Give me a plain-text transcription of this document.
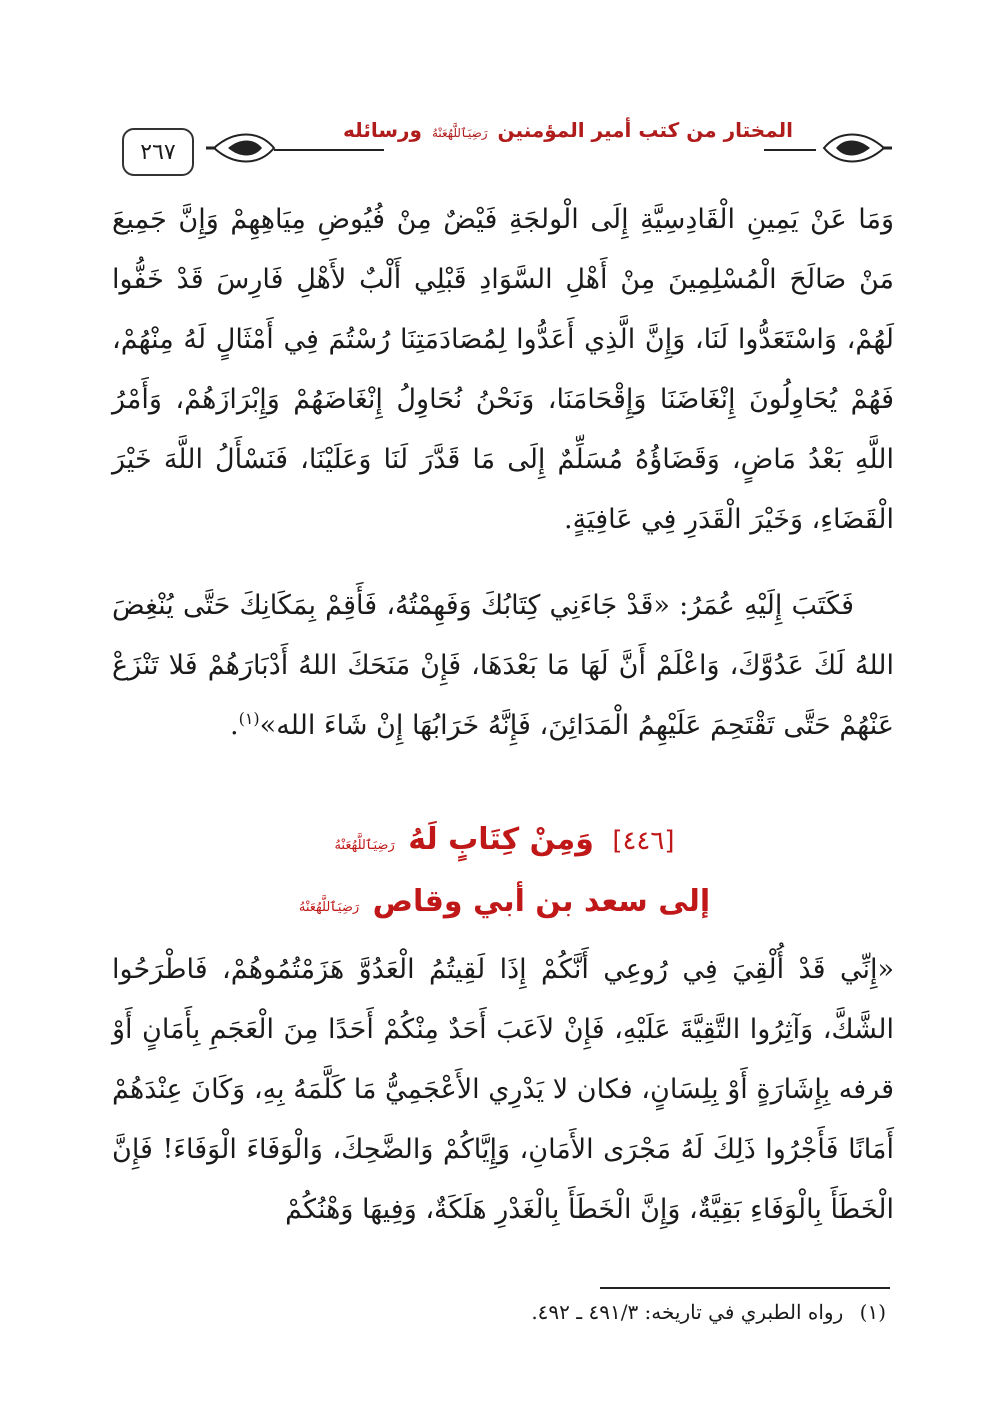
٢٦٧
المختار من كتب أمير المؤمنين رَضِيَٱللَّهُعَنْهُ ورسائله

وَمَا عَنْ يَمِينِ الْقَادِسِيَّةِ إِلَى الْولجَةِ فَيْضٌ مِنْ فُيُوضِ مِيَاهِهِمْ وَإِنَّ جَمِيعَ مَنْ صَالَحَ الْمُسْلِمِينَ مِنْ أَهْلِ السَّوَادِ قَبْلِي أَلْبٌ لأَهْلِ فَارِسَ قَدْ خَفُّوا لَهُمْ، وَاسْتَعَدُّوا لَنَا، وَإِنَّ الَّذِي أَعَدُّوا لِمُصَادَمَتِنَا رُسْتُمَ فِي أَمْثَالٍ لَهُ مِنْهُمْ، فَهُمْ يُحَاوِلُونَ إِنْغَاضَنَا وَإِقْحَامَنَا، وَنَحْنُ نُحَاوِلُ إِنْغَاضَهُمْ وَإِبْرَازَهُمْ، وَأَمْرُ اللَّهِ بَعْدُ مَاضٍ، وَقَضَاؤُهُ مُسَلِّمٌ إِلَى مَا قَدَّرَ لَنَا وَعَلَيْنَا، فَنَسْأَلُ اللَّهَ خَيْرَ الْقَضَاءِ، وَخَيْرَ الْقَدَرِ فِي عَافِيَةٍ.

فَكَتَبَ إِلَيْهِ عُمَرُ: «قَدْ جَاءَنِي كِتَابُكَ وَفَهِمْتُهُ، فَأَقِمْ بِمَكَانِكَ حَتَّى يُنْغِضَ اللهُ لَكَ عَدُوَّكَ، وَاعْلَمْ أَنَّ لَهَا مَا بَعْدَهَا، فَإِنْ مَنَحَكَ اللهُ أَدْبَارَهُمْ فَلا تَنْزَعْ عَنْهُمْ حَتَّى تَقْتَحِمَ عَلَيْهِمُ الْمَدَائِنَ، فَإِنَّهُ خَرَابُهَا إِنْ شَاءَ الله»$^{(١)}$.

[٤٤٦] وَمِنْ كِتَابٍ لَهُ رَضِيَٱللَّهُعَنْهُ
إلى سعد بن أبي وقاص رَضِيَٱللَّهُعَنْهُ

«إِنِّي قَدْ أُلْقِيَ فِي رُوعِي أَنَّكُمْ إِذَا لَقِيتُمُ الْعَدُوَّ هَزَمْتُمُوهُمْ، فَاطْرَحُوا الشَّكَّ، وَآثِرُوا التَّقِيَّةَ عَلَيْهِ، فَإِنْ لاَعَبَ أَحَدٌ مِنْكُمْ أَحَدًا مِنَ الْعَجَمِ بِأَمَانٍ أَوْ قرفه بِإِشَارَةٍ أَوْ بِلِسَانٍ، فكان لا يَدْرِي الأَعْجَمِيُّ مَا كَلَّمَهُ بِهِ، وَكَانَ عِنْدَهُمْ أَمَانًا فَأَجْرُوا ذَلِكَ لَهُ مَجْرَى الأَمَانِ، وَإِيَّاكُمْ وَالضَّحِكَ، وَالْوَفَاءَ الْوَفَاءَ! فَإِنَّ الْخَطَأَ بِالْوَفَاءِ بَقِيَّةٌ، وَإِنَّ الْخَطَأَ بِالْغَدْرِ هَلَكَةٌ، وَفِيهَا وَهْنُكُمْ

(١) رواه الطبري في تاريخه: ٤٩١/٣ ـ ٤٩٢.
